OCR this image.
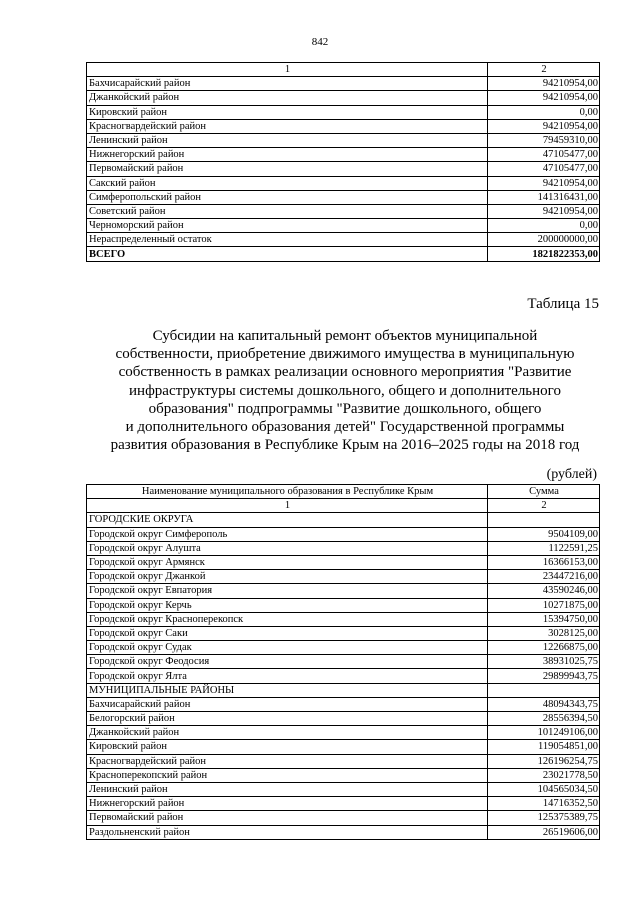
842
1	2
Бахчисарайский район	94210954,00
Джанкойский район	94210954,00
Кировский район	0,00
Красногвардейский район	94210954,00
Ленинский район	79459310,00
Нижнегорский район	47105477,00
Первомайский район	47105477,00
Сакский район	94210954,00
Симферопольский район	141316431,00
Советский район	94210954,00
Черноморский район	0,00
Нераспределенный остаток	200000000,00
ВСЕГО	1821822353,00
Таблица 15
Субсидии на капитальный ремонт объектов муниципальной
собственности, приобретение движимого имущества в муниципальную
собственность в рамках реализации основного мероприятия "Развитие
инфраструктуры системы дошкольного, общего и дополнительного
образования" подпрограммы "Развитие дошкольного, общего
и дополнительного образования детей" Государственной программы
развития образования в Республике Крым на 2016–2025 годы на 2018 год
(рублей)
Наименование муниципального образования в Республике Крым	Сумма
1	2
ГОРОДСКИЕ ОКРУГА	
Городской округ Симферополь	9504109,00
Городской округ Алушта	1122591,25
Городской округ Армянск	16366153,00
Городской округ Джанкой	23447216,00
Городской округ Евпатория	43590246,00
Городской округ Керчь	10271875,00
Городской округ Красноперекопск	15394750,00
Городской округ Саки	3028125,00
Городской округ Судак	12266875,00
Городской округ Феодосия	38931025,75
Городской округ Ялта	29899943,75
МУНИЦИПАЛЬНЫЕ РАЙОНЫ	
Бахчисарайский район	48094343,75
Белогорский район	28556394,50
Джанкойский район	101249106,00
Кировский район	119054851,00
Красногвардейский район	126196254,75
Красноперекопский район	23021778,50
Ленинский район	104565034,50
Нижнегорский район	14716352,50
Первомайский район	125375389,75
Раздольненский район	26519606,00
